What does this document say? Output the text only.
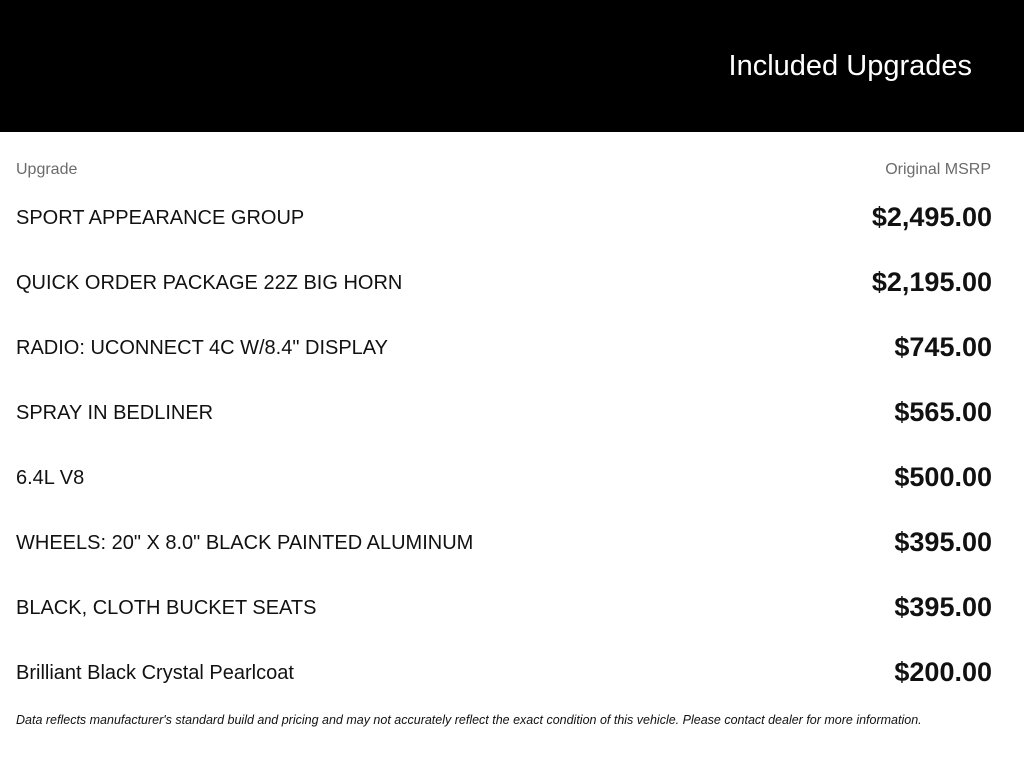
Included Upgrades
Upgrade	Original MSRP
SPORT APPEARANCE GROUP	$2,495.00
QUICK ORDER PACKAGE 22Z BIG HORN	$2,195.00
RADIO: UCONNECT 4C W/8.4" DISPLAY	$745.00
SPRAY IN BEDLINER	$565.00
6.4L V8	$500.00
WHEELS: 20" X 8.0" BLACK PAINTED ALUMINUM	$395.00
BLACK, CLOTH BUCKET SEATS	$395.00
Brilliant Black Crystal Pearlcoat	$200.00
Data reflects manufacturer's standard build and pricing and may not accurately reflect the exact condition of this vehicle. Please contact dealer for more information.
